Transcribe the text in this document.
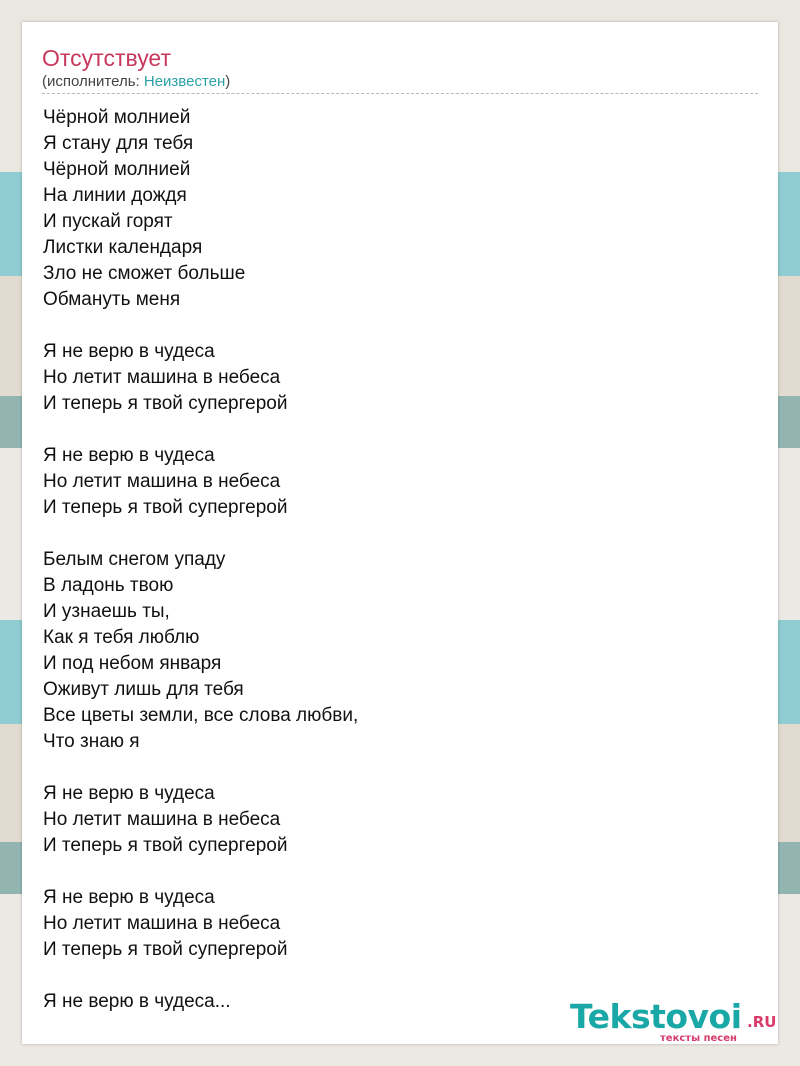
Отсутствует
(исполнитель: Неизвестен)
Чёрной молнией
Я стану для тебя
Чёрной молнией
На линии дождя
И пускай горят
Листки календаря
Зло не сможет больше
Обмануть меня
Я не верю в чудеса
Но летит машина в небеса
И теперь я твой супергерой
Я не верю в чудеса
Но летит машина в небеса
И теперь я твой супергерой
Белым снегом упаду
В ладонь твою
И узнаешь ты,
Как я тебя люблю
И под небом января
Оживут лишь для тебя
Все цветы земли, все слова любви,
Что знаю я
Я не верю в чудеса
Но летит машина в небеса
И теперь я твой супергерой
Я не верю в чудеса
Но летит машина в небеса
И теперь я твой супергерой
Я не верю в чудеса...	Tekstovoi .RU
тексты песен
